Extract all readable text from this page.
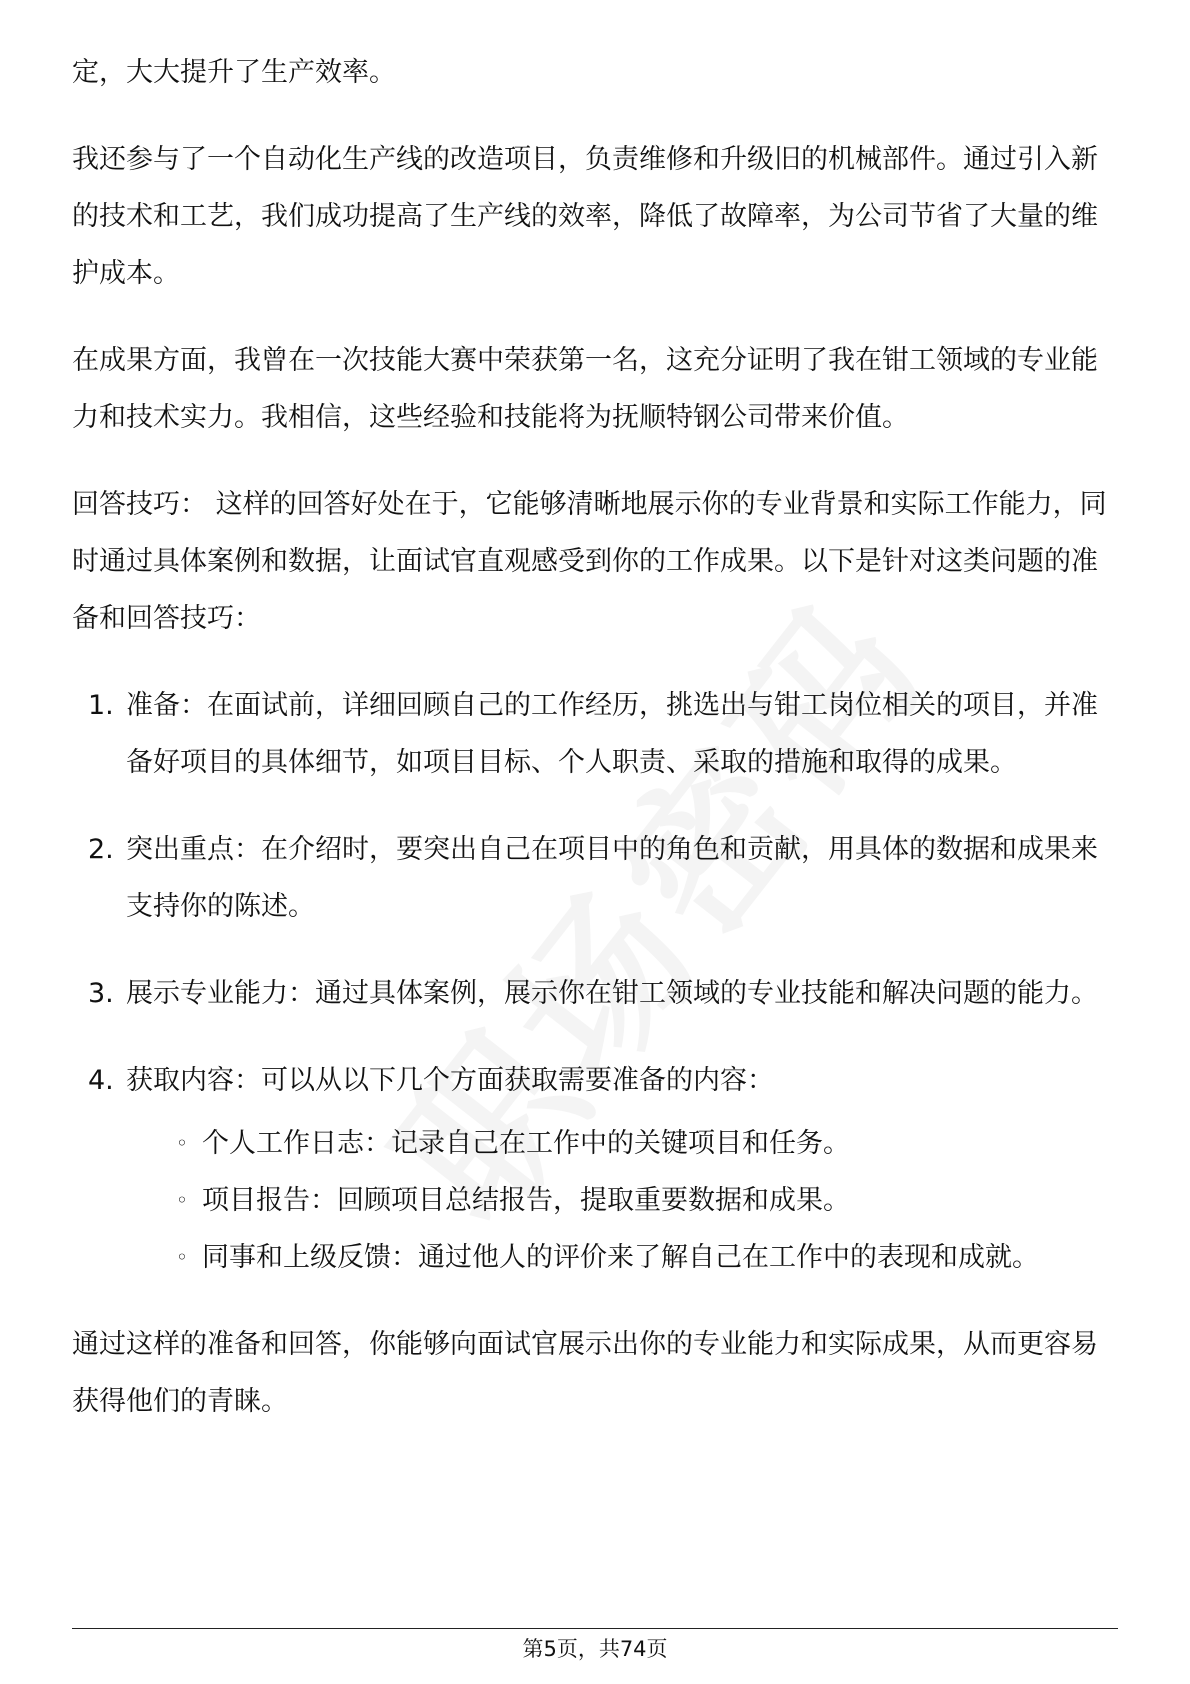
定，大大提升了生产效率。

我还参与了一个自动化生产线的改造项目，负责维修和升级旧的机械部件。通过引入新的技术和工艺，我们成功提高了生产线的效率，降低了故障率，为公司节省了大量的维护成本。

在成果方面，我曾在一次技能大赛中荣获第一名，这充分证明了我在钳工领域的专业能力和技术实力。我相信，这些经验和技能将为抚顺特钢公司带来价值。

回答技巧： 这样的回答好处在于，它能够清晰地展示你的专业背景和实际工作能力，同时通过具体案例和数据，让面试官直观感受到你的工作成果。以下是针对这类问题的准备和回答技巧：

1. 准备：在面试前，详细回顾自己的工作经历，挑选出与钳工岗位相关的项目，并准备好项目的具体细节，如项目目标、个人职责、采取的措施和取得的成果。
2. 突出重点：在介绍时，要突出自己在项目中的角色和贡献，用具体的数据和成果来支持你的陈述。
3. 展示专业能力：通过具体案例，展示你在钳工领域的专业技能和解决问题的能力。
4. 获取内容：可以从以下几个方面获取需要准备的内容：
◦ 个人工作日志：记录自己在工作中的关键项目和任务。
◦ 项目报告：回顾项目总结报告，提取重要数据和成果。
◦ 同事和上级反馈：通过他人的评价来了解自己在工作中的表现和成就。

通过这样的准备和回答，你能够向面试官展示出你的专业能力和实际成果，从而更容易获得他们的青睐。

第5页，共74页
